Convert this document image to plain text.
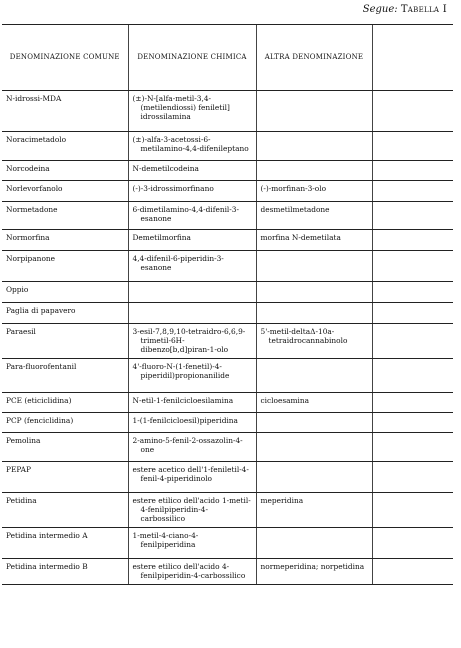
Segue: Tabella I
DENOMINAZIONE COMUNE	DENOMINAZIONE CHIMICA	ALTRA DENOMINAZIONE	
N-idrossi-MDA	(±)-N-[alfa-metil-3,4-(metilendiossi) feniletil] idrossilamina		
Noracimetadolo	(±)-alfa-3-acetossi-6-metilamino-4,4-difenileptano		
Norcodeina	N-demetilcodeina		
Norlevorfanolo	(-)-3-idrossimorfinano	(-)-morfinan-3-olo	
Normetadone	6-dimetilamino-4,4-difenil-3-esanone	desmetilmetadone	
Normorfina	Demetilmorfina	morfina N-demetilata	
Norpipanone	4,4-difenil-6-piperidin-3-esanone		
Oppio			
Paglia di papavero			
Paraesil	3-esil-7,8,9,10-tetraidro-6,6,9-trimetil-6H-dibenzo[b,d]piran-1-olo	5'-metil-deltaΔ-10a-tetraidrocannabinolo	
Para-fluorofentanil	4'-fluoro-N-(1-fenetil)-4-piperidil)propionanilide		
PCE (eticiclidina)	N-etil-1-fenilcicloesilamina	cicloesamina	
PCP (fenciclidina)	1-(1-fenilcicloesil)piperidina		
Pemolina	2-amino-5-fenil-2-ossazolin-4-one		
PEPAP	estere acetico dell'1-feniletil-4-fenil-4-piperidinolo		
Petidina	estere etilico dell'acido 1-metil-4-fenilpiperidin-4-carbossilico	meperidina	
Petidina intermedio A	1-metil-4-ciano-4-fenilpiperidina		
Petidina intermedio B	estere etilico dell'acido 4-fenilpiperidin-4-carbossilico	normeperidina; norpetidina	
